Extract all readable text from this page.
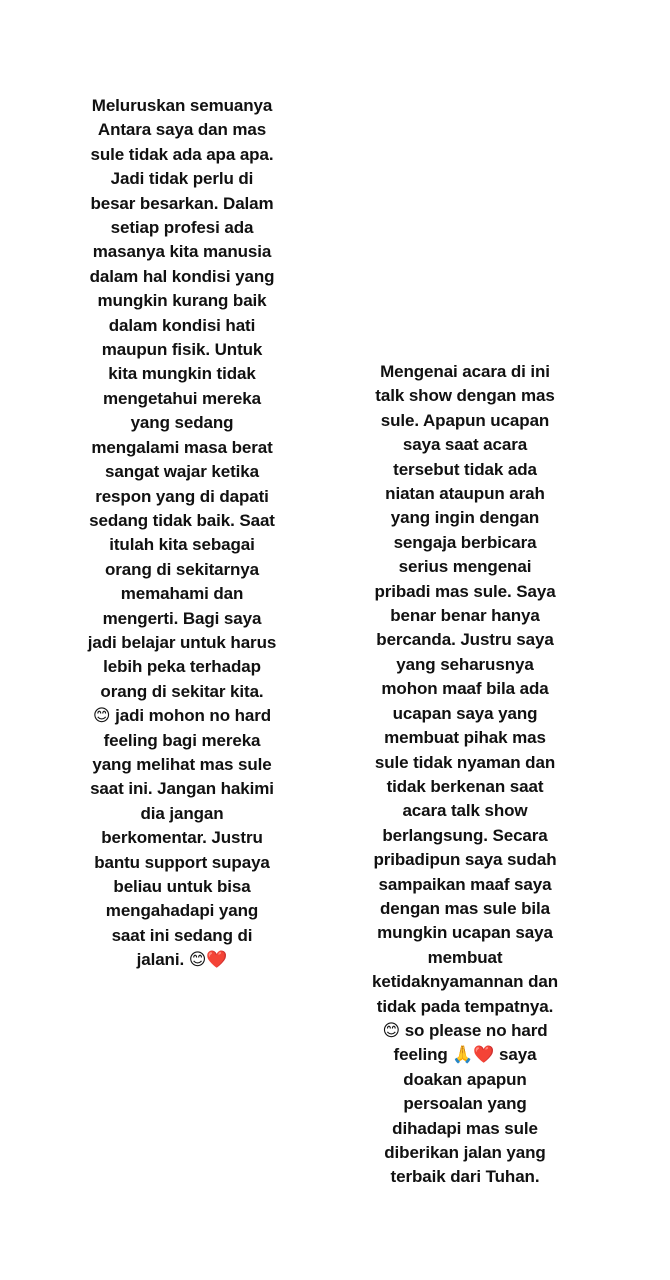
Meluruskan semuanya
Antara saya dan mas
sule tidak ada apa apa.
Jadi tidak perlu di
besar besarkan. Dalam
setiap profesi ada
masanya kita manusia
dalam hal kondisi yang
mungkin kurang baik
dalam kondisi hati
maupun fisik. Untuk
kita mungkin tidak
mengetahui mereka
yang sedang
mengalami masa berat
sangat wajar ketika
respon yang di dapati
sedang tidak baik. Saat
itulah kita sebagai
orang di sekitarnya
memahami dan
mengerti. Bagi saya
jadi belajar untuk harus
lebih peka terhadap
orang di sekitar kita.
😊 jadi mohon no hard
feeling bagi mereka
yang melihat mas sule
saat ini. Jangan hakimi
dia jangan
berkomentar. Justru
bantu support supaya
beliau untuk bisa
mengahadapi yang
saat ini sedang di
jalani. 😊❤️
Mengenai acara di ini
talk show dengan mas
sule. Apapun ucapan
saya saat acara
tersebut tidak ada
niatan ataupun arah
yang ingin dengan
sengaja berbicara
serius mengenai
pribadi mas sule. Saya
benar benar hanya
bercanda. Justru saya
yang seharusnya
mohon maaf bila ada
ucapan saya yang
membuat pihak mas
sule tidak nyaman dan
tidak berkenan saat
acara talk show
berlangsung. Secara
pribadipun saya sudah
sampaikan maaf saya
dengan mas sule bila
mungkin ucapan saya
membuat
ketidaknyamannan dan
tidak pada tempatnya.
😊 so please no hard
feeling 🙏❤️ saya
doakan apapun
persoalan yang
dihadapi mas sule
diberikan jalan yang
terbaik dari Tuhan.
